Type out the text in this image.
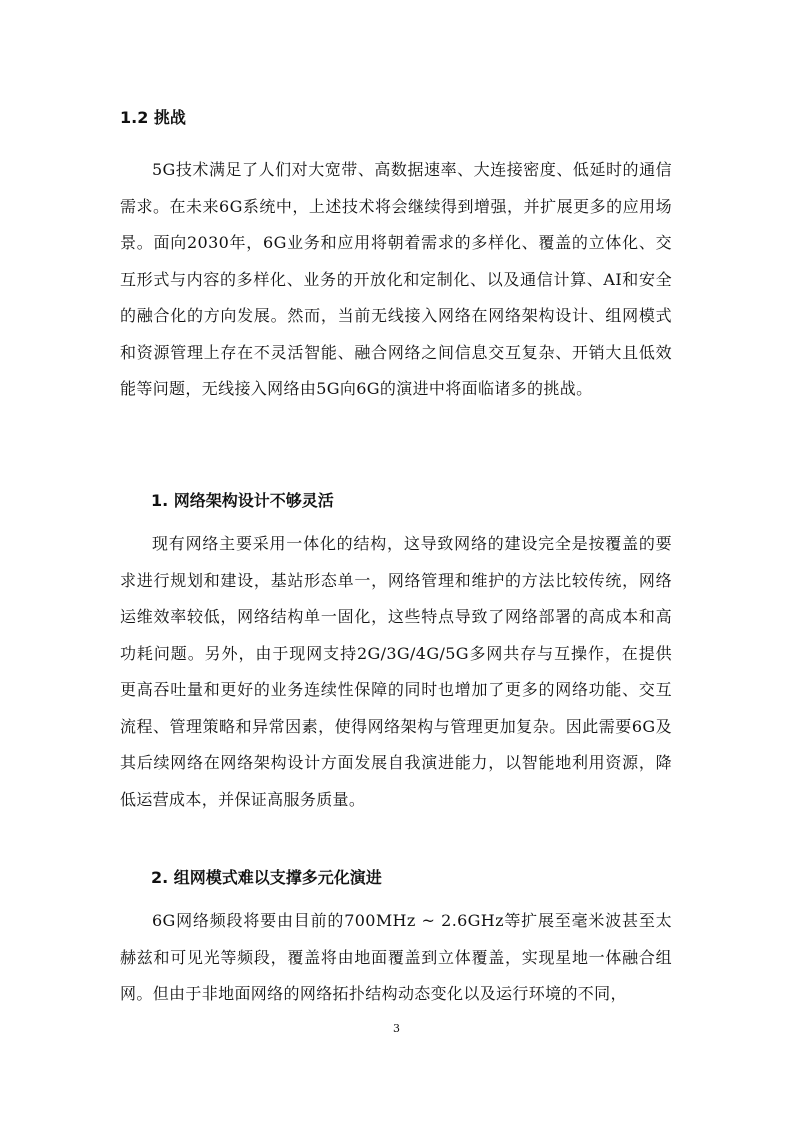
1.2 挑战

5G技术满足了人们对大宽带、高数据速率、大连接密度、低延时的通信需求。在未来6G系统中，上述技术将会继续得到增强，并扩展更多的应用场景。面向2030年，6G业务和应用将朝着需求的多样化、覆盖的立体化、交互形式与内容的多样化、业务的开放化和定制化、以及通信计算、AI和安全的融合化的方向发展。然而，当前无线接入网络在网络架构设计、组网模式和资源管理上存在不灵活智能、融合网络之间信息交互复杂、开销大且低效能等问题，无线接入网络由5G向6G的演进中将面临诸多的挑战。

1. 网络架构设计不够灵活

现有网络主要采用一体化的结构，这导致网络的建设完全是按覆盖的要求进行规划和建设，基站形态单一，网络管理和维护的方法比较传统，网络运维效率较低，网络结构单一固化，这些特点导致了网络部署的高成本和高功耗问题。另外，由于现网支持2G/3G/4G/5G多网共存与互操作，在提供更高吞吐量和更好的业务连续性保障的同时也增加了更多的网络功能、交互流程、管理策略和异常因素，使得网络架构与管理更加复杂。因此需要6G及其后续网络在网络架构设计方面发展自我演进能力，以智能地利用资源，降低运营成本，并保证高服务质量。

2. 组网模式难以支撑多元化演进

6G网络频段将要由目前的700MHz ~ 2.6GHz等扩展至毫米波甚至太赫兹和可见光等频段，覆盖将由地面覆盖到立体覆盖，实现星地一体融合组网。但由于非地面网络的网络拓扑结构动态变化以及运行环境的不同，

3
